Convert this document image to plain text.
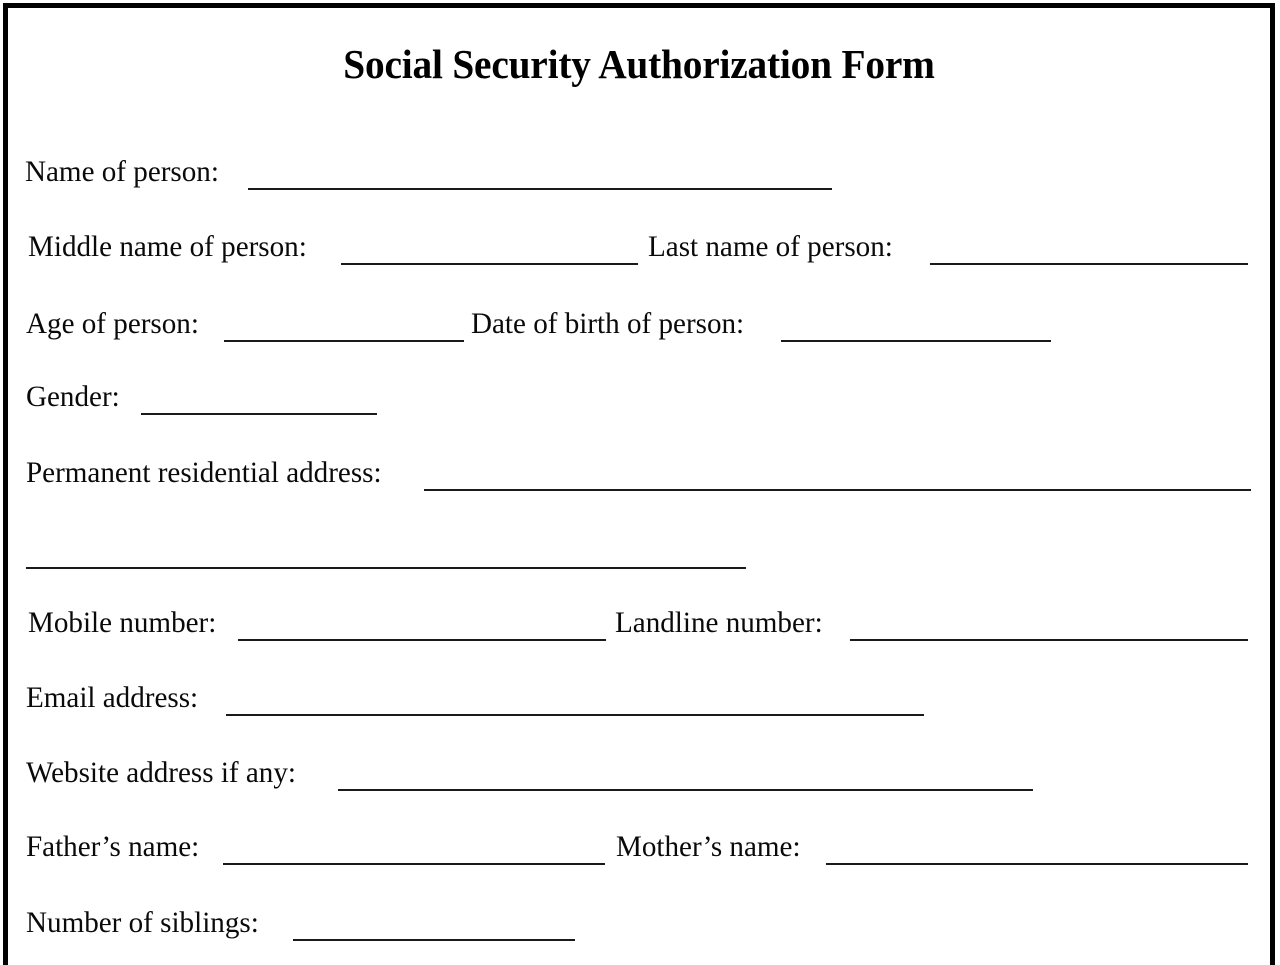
Social Security Authorization Form
Name of person:
Middle name of person:	Last name of person:
Age of person:	Date of birth of person:
Gender:
Permanent residential address:
Mobile number:	Landline number:
Email address:
Website address if any:
Father’s name:	Mother’s name:
Number of siblings:
